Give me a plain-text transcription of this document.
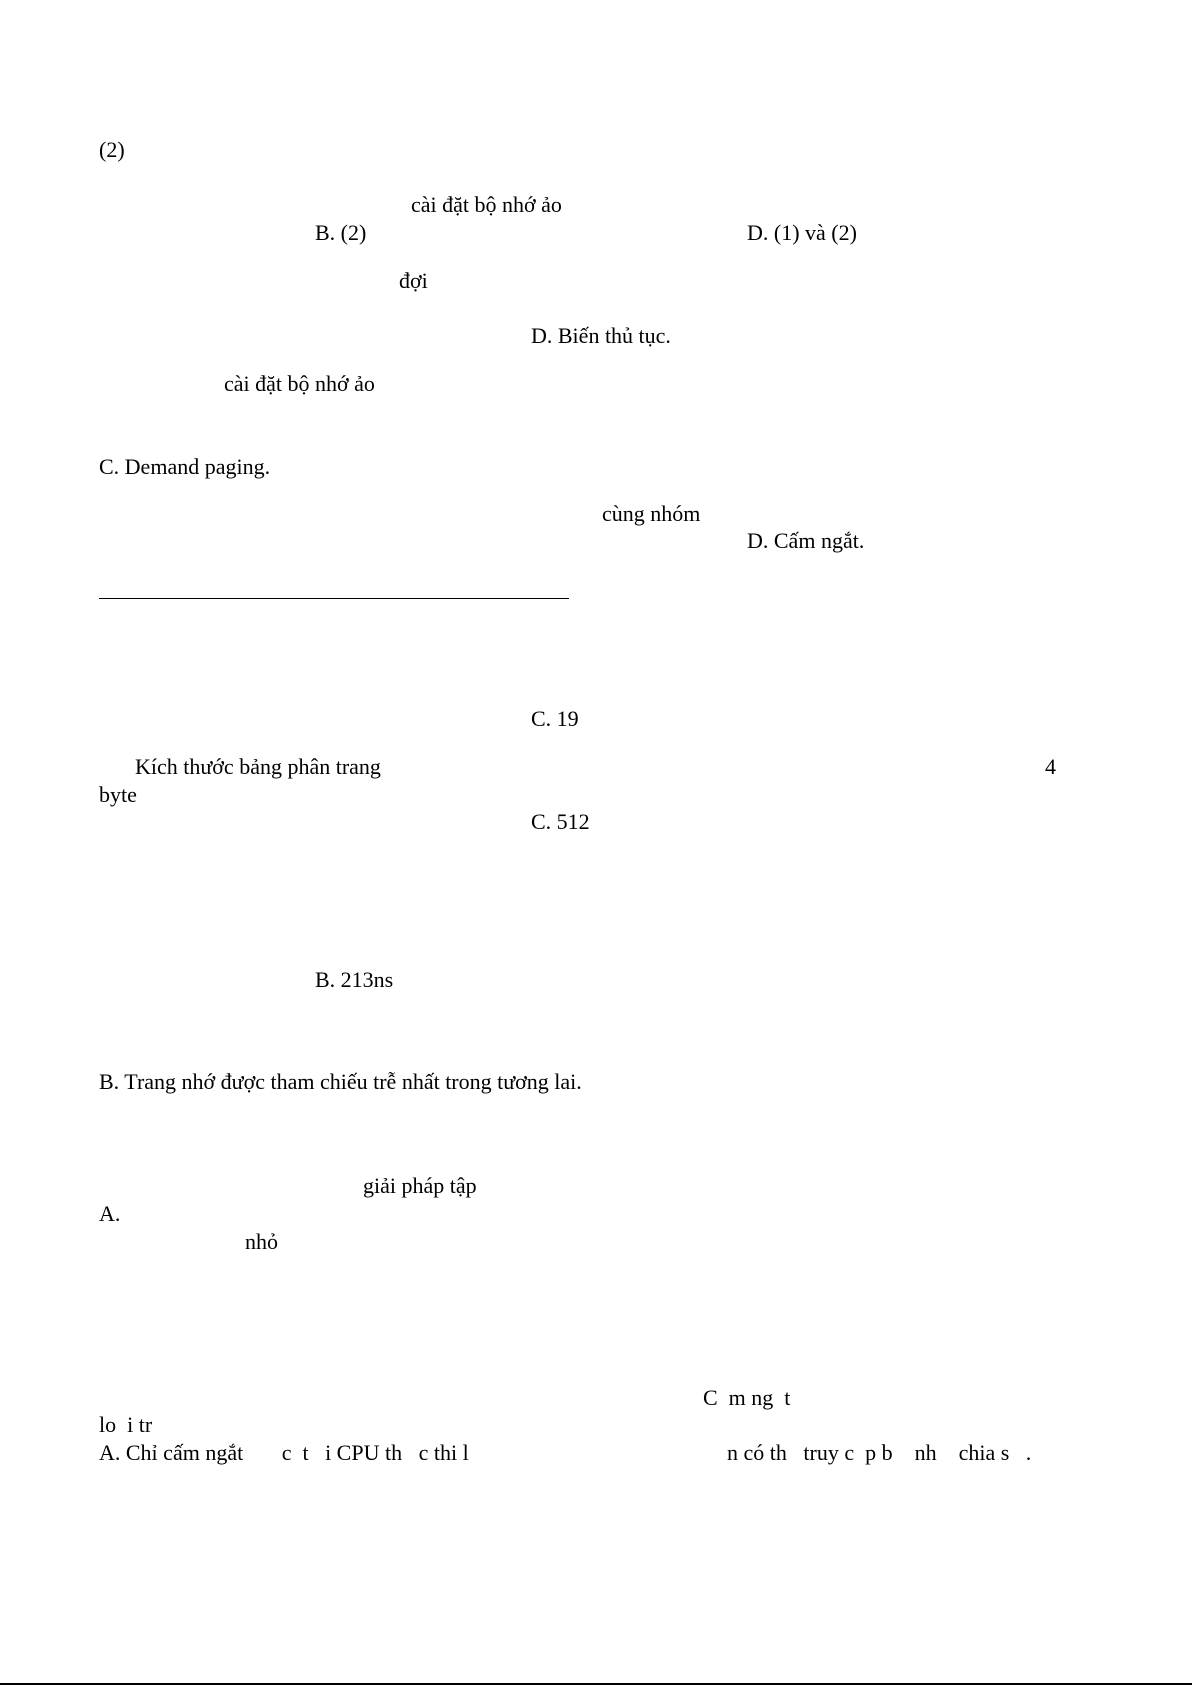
(2)
cài đặt bộ nhớ ảo
B. (2)	D. (1) và (2)
đợi
D. Biến thủ tục.
cài đặt bộ nhớ ảo
C. Demand paging.
cùng nhóm
D. Cấm ngắt.
C. 19
Kích thước bảng phân trang	4
byte
C. 512
B. 213ns
B. Trang nhớ được tham chiếu trễ nhất trong tương lai.
giải pháp tập
A.
nhỏ
C  m ng  t
lo  i tr
A. Chỉ cấm ngắt       c  t   i CPU th   c thi l	n có th   truy c  p b    nh    chia s   .
